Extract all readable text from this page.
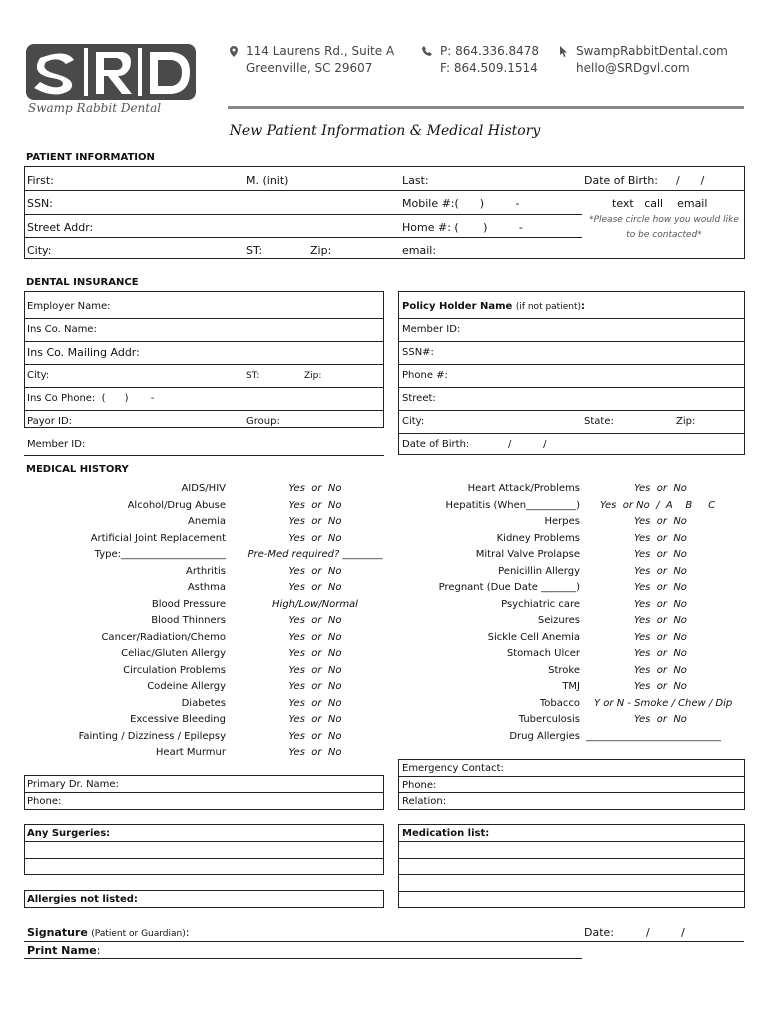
Swamp Rabbit Dental
114 Laurens Rd., Suite A
Greenville, SC 29607
P: 864.336.8478
F: 864.509.1514
SwampRabbitDental.com
hello@SRDgvl.com
New Patient Information & Medical History
PATIENT INFORMATION
First:	M. (init)	Last:	Date of Birth: /      /
SSN:	Mobile #:(      )         -	text   call    email
Street Addr:	Home #: (       )         -
*Please circle how you would like
to be contacted*
City:	ST:	Zip:	email:
DENTAL INSURANCE
Employer Name:	Policy Holder Name (if not patient):
Ins Co. Name:	Member ID:
Ins Co. Mailing Addr:	SSN#:
City:	ST:	Zip:	Phone #:
Ins Co Phone:  (      )       -	Street:
Payor ID:	Group:	City:	State:	Zip:
Member ID:	Date of Birth:	/          /
MEDICAL HISTORY
AIDS/HIV	Yes  or  No
Alcohol/Drug Abuse	Yes  or  No
Anemia	Yes  or  No
Artificial Joint Replacement	Yes  or  No
Type:_____________________	Pre-Med required? ________
Arthritis	Yes  or  No
Asthma	Yes  or  No
Blood Pressure	High/Low/Normal
Blood Thinners	Yes  or  No
Cancer/Radiation/Chemo	Yes  or  No
Celiac/Gluten Allergy	Yes  or  No
Circulation Problems	Yes  or  No
Codeine Allergy	Yes  or  No
Diabetes	Yes  or  No
Excessive Bleeding	Yes  or  No
Fainting / Dizziness / Epilepsy	Yes  or  No
Heart Murmur	Yes  or  No
Heart Attack/Problems	Yes  or  No
Hepatitis (When__________) Yes  or No  /  A    B     C
Herpes	Yes  or  No
Kidney Problems	Yes  or  No
Mitral Valve Prolapse	Yes  or  No
Penicillin Allergy	Yes  or  No
Pregnant (Due Date _______)	Yes  or  No
Psychiatric care	Yes  or  No
Seizures	Yes  or  No
Sickle Cell Anemia	Yes  or  No
Stomach Ulcer	Yes  or  No
Stroke	Yes  or  No
TMJ	Yes  or  No
Tobacco Y or N - Smoke / Chew / Dip
Tuberculosis	Yes  or  No
Drug Allergies ___________________________
Primary Dr. Name:
Phone:
Emergency Contact:
Phone:
Relation:
Any Surgeries:	Medication list:
Allergies not listed:
Signature (Patient or Guardian):	Date:	/         /
Print Name:
